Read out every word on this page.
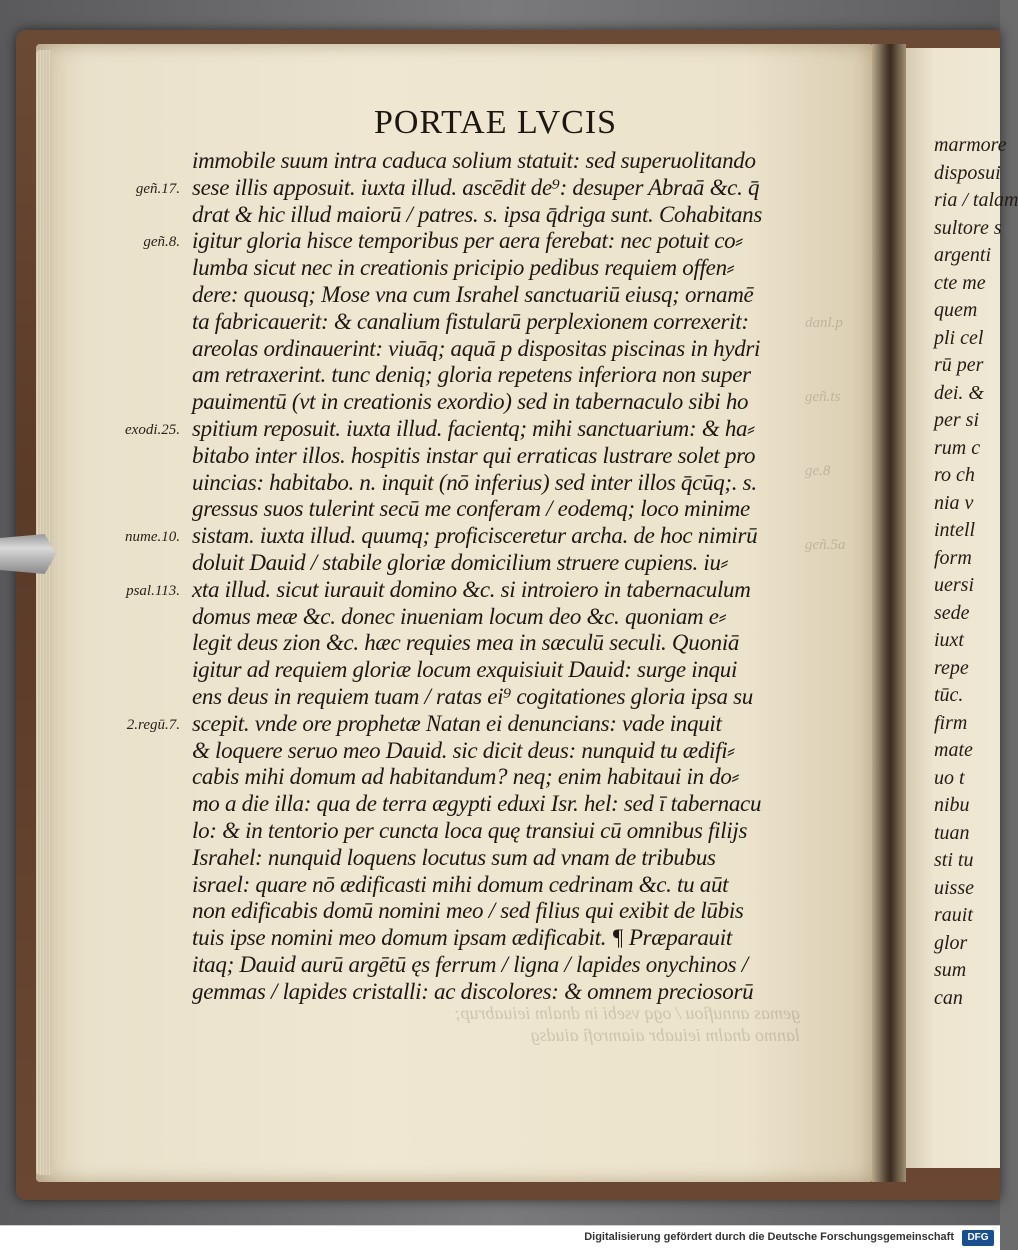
PORTAE LVCIS
immobile suum intra caduca solium statuit: sed superuolitando
sese illis apposuit. iuxta illud. ascēdit de⁹: desuper Abraā &c. q̄
drat & hic illud maiorū / patres. s. ipsa q̄driga sunt. Cohabitans
igitur gloria hisce temporibus per aera ferebat: nec potuit co⸗
lumba sicut nec in creationis pricipio pedibus requiem offen⸗
dere: quousq; Mose vna cum Israhel sanctuariū eiusq; ornamē
ta fabricauerit: & canalium fistularū perplexionem correxerit:
areolas ordinauerint: viuāq; aquā p dispositas piscinas in hydri
am retraxerint. tunc deniq; gloria repetens inferiora non super
pauimentū (vt in creationis exordio) sed in tabernaculo sibi ho
spitium reposuit. iuxta illud. facientq; mihi sanctuarium: & ha⸗
bitabo inter illos. hospitis instar qui erraticas lustrare solet pro
uincias: habitabo. n. inquit (nō inferius) sed inter illos q̄cūq;. s.
gressus suos tulerint secū me conferam / eodemq; loco minime
sistam. iuxta illud. quumq; proficisceretur archa. de hoc nimirū
doluit Dauid / stabile gloriæ domicilium struere cupiens. iu⸗
xta illud. sicut iurauit domino &c. si introiero in tabernaculum
domus meæ &c. donec inueniam locum deo &c. quoniam e⸗
legit deus zion &c. hæc requies mea in sæculū seculi. Quoniā
igitur ad requiem gloriæ locum exquisiuit Dauid: surge inqui
ens deus in requiem tuam / ratas ei⁹ cogitationes gloria ipsa su
scepit. vnde ore prophetæ Natan ei denuncians: vade inquit
& loquere seruo meo Dauid. sic dicit deus: nunquid tu ædifi⸗
cabis mihi domum ad habitandum? neq; enim habitaui in do⸗
mo a die illa: qua de terra ægypti eduxi Isr. hel: sed ī tabernacu
lo: & in tentorio per cuncta loca quę transiui cū omnibus filijs
Israhel: nunquid loquens locutus sum ad vnam de tribubus
israel: quare nō ædificasti mihi domum cedrinam &c. tu aūt
non edificabis domū nomini meo / sed filius qui exibit de lūbis
tuis ipse nomini meo domum ipsam ædificabit. ¶ Præparauit
itaq; Dauid aurū argētū ęs ferrum / ligna / lapides onychinos /
gemmas / lapides cristalli: ac discolores: & omnem preciosorū
geñ.17.
geñ.8.
exodi.25.
nume.10.
psal.113.
2.regū.7.
marmore
disposui
ria / talam
sultore s
argenti
cte me
quem
pli cel
rū per
dei. &
per si
rum c
ro ch
nia v
intell
form
uersi
sede
iuxt
repe
tūc.
firm
mate
uo t
nibu
tuan
sti tu
uisse
rauit
glor
sum
can
gemas annufiou / ogq vsebi in dnalm ieiuabrup;
lanmo dnalm ieiuabr aiamrofi aiudsg
danl.p
geñ.ts
ge.8
geñ.5a
Digitalisierung gefördert durch die Deutsche Forschungsgemeinschaft	DFG
